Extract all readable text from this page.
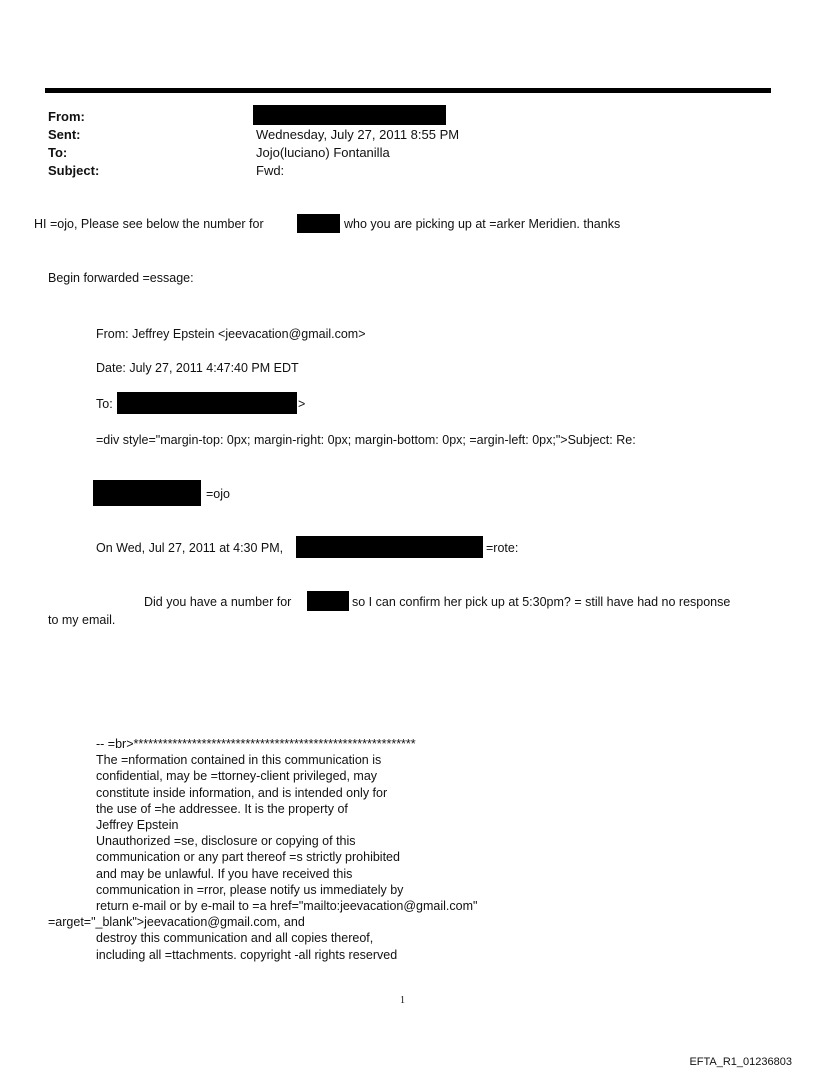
From:
Sent:	Wednesday, July 27, 2011 8:55 PM
To:	Jojo(luciano) Fontanilla
Subject:	Fwd:
HI =ojo, Please see below the number for	who you are picking up at =arker Meridien. thanks
Begin forwarded =essage:
From: Jeffrey Epstein <jeevacation@gmail.com>
Date: July 27, 2011 4:47:40 PM EDT
To:	>
=div style="margin-top: 0px; margin-right: 0px; margin-bottom: 0px; =argin-left: 0px;">Subject: Re:
=ojo
On Wed, Jul 27, 2011 at 4:30 PM,	=rote:
Did you have a number for	so I can confirm her pick up at 5:30pm? = still have had no response
to my email.
-- =br>**********************************************************
The =nformation contained in this communication is
confidential, may be =ttorney-client privileged, may
constitute inside information, and is intended only for
the use of =he addressee. It is the property of
Jeffrey Epstein
Unauthorized =se, disclosure or copying of this
communication or any part thereof =s strictly prohibited
and may be unlawful. If you have received this
communication in =rror, please notify us immediately by
return e-mail or by e-mail to =a href="mailto:jeevacation@gmail.com"
=arget="_blank">jeevacation@gmail.com, and
destroy this communication and all copies thereof,
including all =ttachments. copyright -all rights reserved
1
EFTA_R1_01236803
